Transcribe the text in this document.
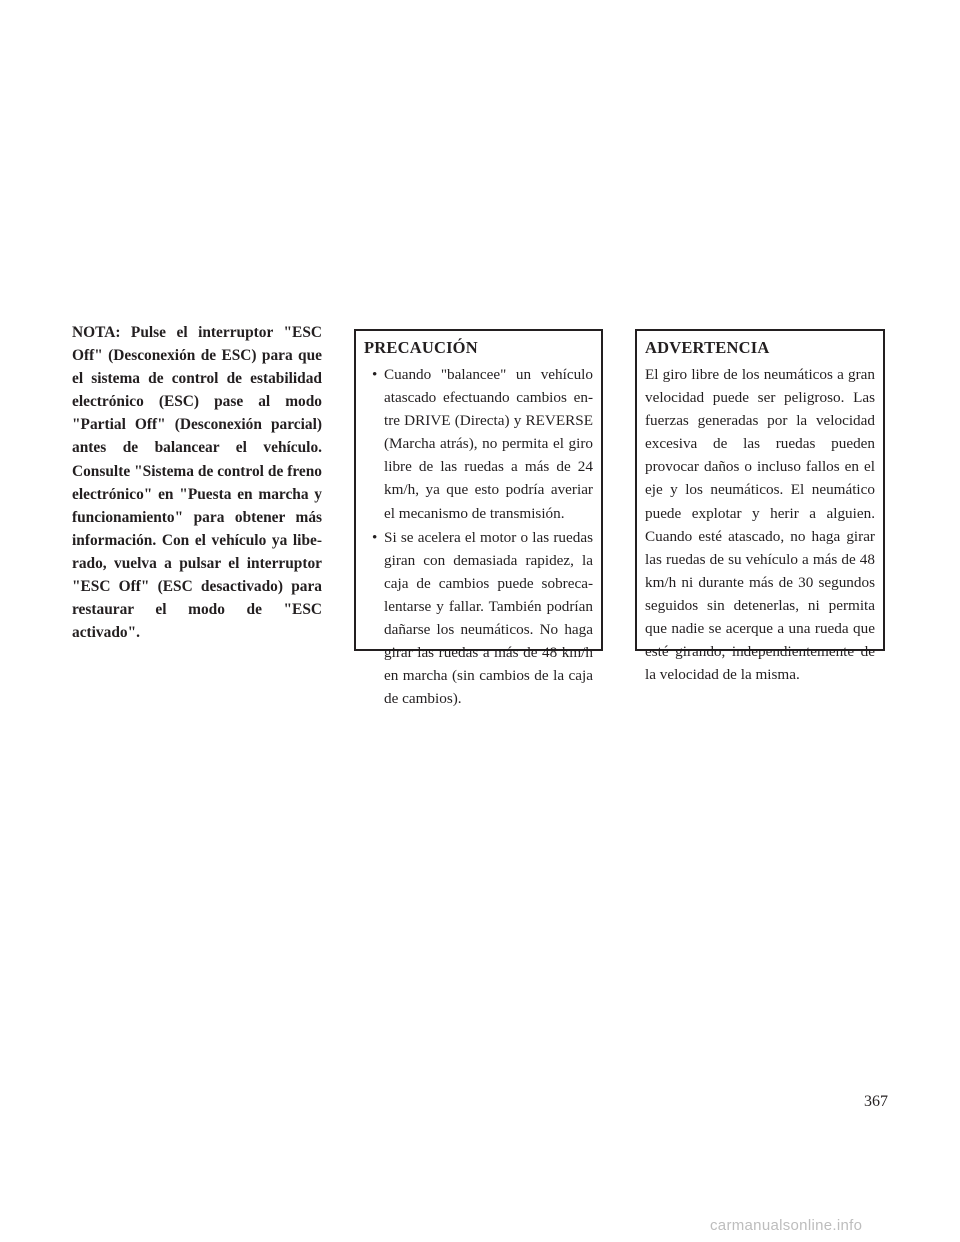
NOTA: Pulse el interruptor "ESC Off" (Desconexión de ESC) para que el sistema de control de estabilidad electrónico (ESC) pase al modo "Partial Off" (Desconexión parcial) antes de balancear el vehículo. Consulte "Sistema de control de freno electrónico" en "Puesta en marcha y funcionamiento" para obtener más información. Con el vehículo ya liberado, vuelva a pulsar el interruptor "ESC Off" (ESC desactivado) para restaurar el modo de "ESC activado".
PRECAUCIÓN
• Cuando "balancee" un vehículo atascado efectuando cambios entre DRIVE (Directa) y REVERSE (Marcha atrás), no permita el giro libre de las ruedas a más de 24 km/h, ya que esto podría averiar el mecanismo de transmisión.
• Si se acelera el motor o las ruedas giran con demasiada rapidez, la caja de cambios puede sobrecalentarse y fallar. También podrían dañarse los neumáticos. No haga girar las ruedas a más de 48 km/h en marcha (sin cambios de la caja de cambios).
ADVERTENCIA
El giro libre de los neumáticos a gran velocidad puede ser peligroso. Las fuerzas generadas por la velocidad excesiva de las ruedas pueden provocar daños o incluso fallos en el eje y los neumáticos. El neumático puede explotar y herir a alguien. Cuando esté atascado, no haga girar las ruedas de su vehículo a más de 48 km/h ni durante más de 30 segundos seguidos sin detenerlas, ni permita que nadie se acerque a una rueda que esté girando, independientemente de la velocidad de la misma.
367
carmanualsonline.info
